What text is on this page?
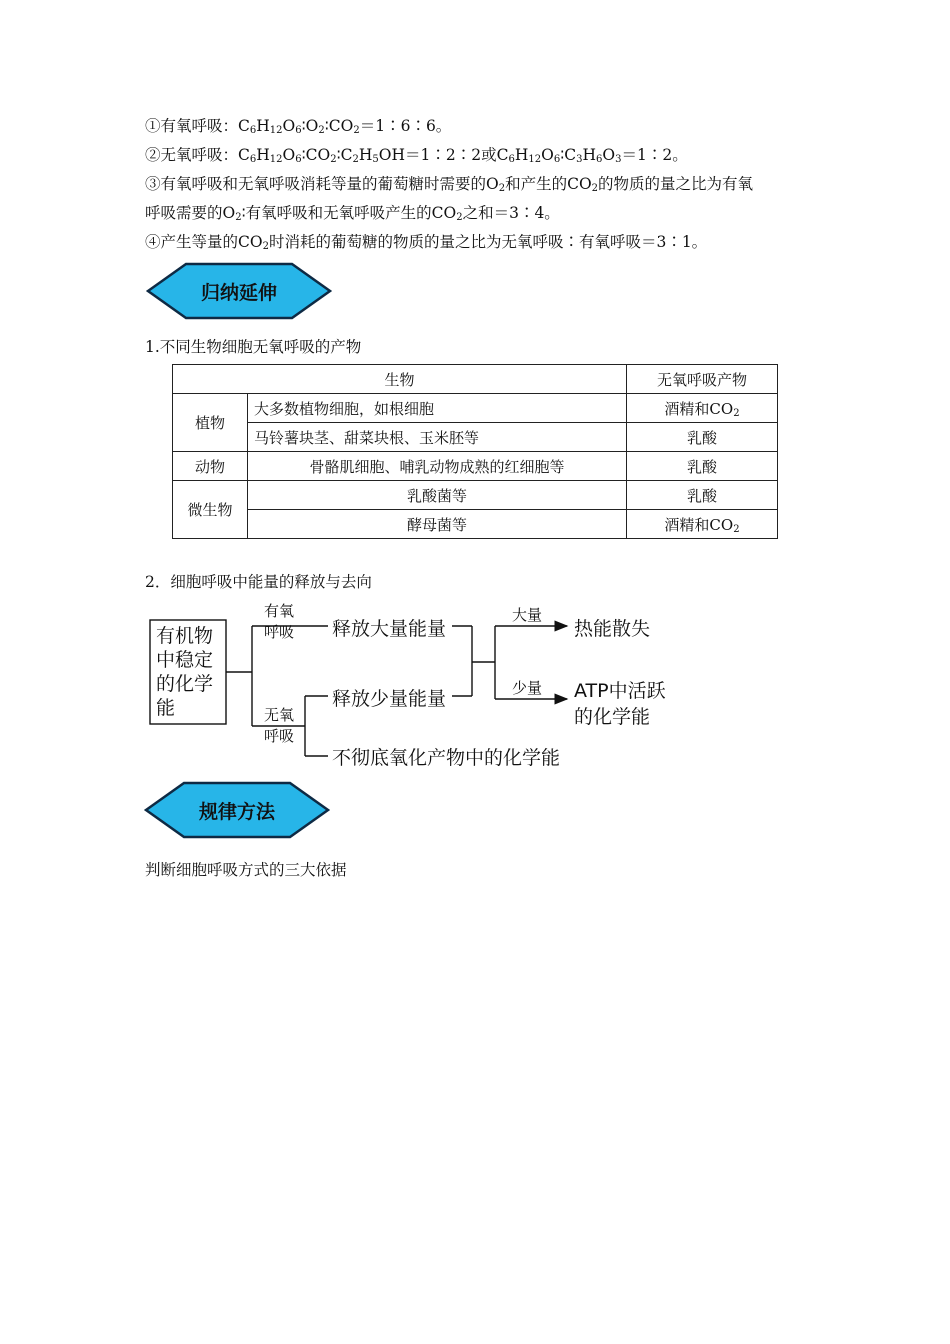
①有氧呼吸：$C_6H_{12}O_6∶O_2∶CO_2=1∶6∶6$。
②无氧呼吸：$C_6H_{12}O_6∶CO_2∶C_2H_5OH=1∶2∶2$或$C_6H_{12}O_6∶C_3H_6O_3=1∶2$。
③有氧呼吸和无氧呼吸消耗等量的葡萄糖时需要的$O_2$和产生的$CO_2$的物质的量之比为有氧
呼吸需要的$O_2∶$有氧呼吸和无氧呼吸产生的$CO_2$之和＝3∶4。
④产生等量的$CO_2$时消耗的葡萄糖的物质的量之比为无氧呼吸∶有氧呼吸＝3∶1。
归纳延伸
1.不同生物细胞无氧呼吸的产物
生物		无氧呼吸产物
植物	大多数植物细胞，如根细胞	酒精和$CO_2$
	马铃薯块茎、甜菜块根、玉米胚等	乳酸
动物	骨骼肌细胞、哺乳动物成熟的红细胞等	乳酸
微生物	乳酸菌等	乳酸
	酵母菌等	酒精和$CO_2$
2．细胞呼吸中能量的释放与去向
有机物
中稳定
的化学
能
有氧
呼吸
无氧
呼吸
释放大量能量
释放少量能量
不彻底氧化产物中的化学能
大量
少量
热能散失
ATP中活跃
的化学能
规律方法
判断细胞呼吸方式的三大依据
